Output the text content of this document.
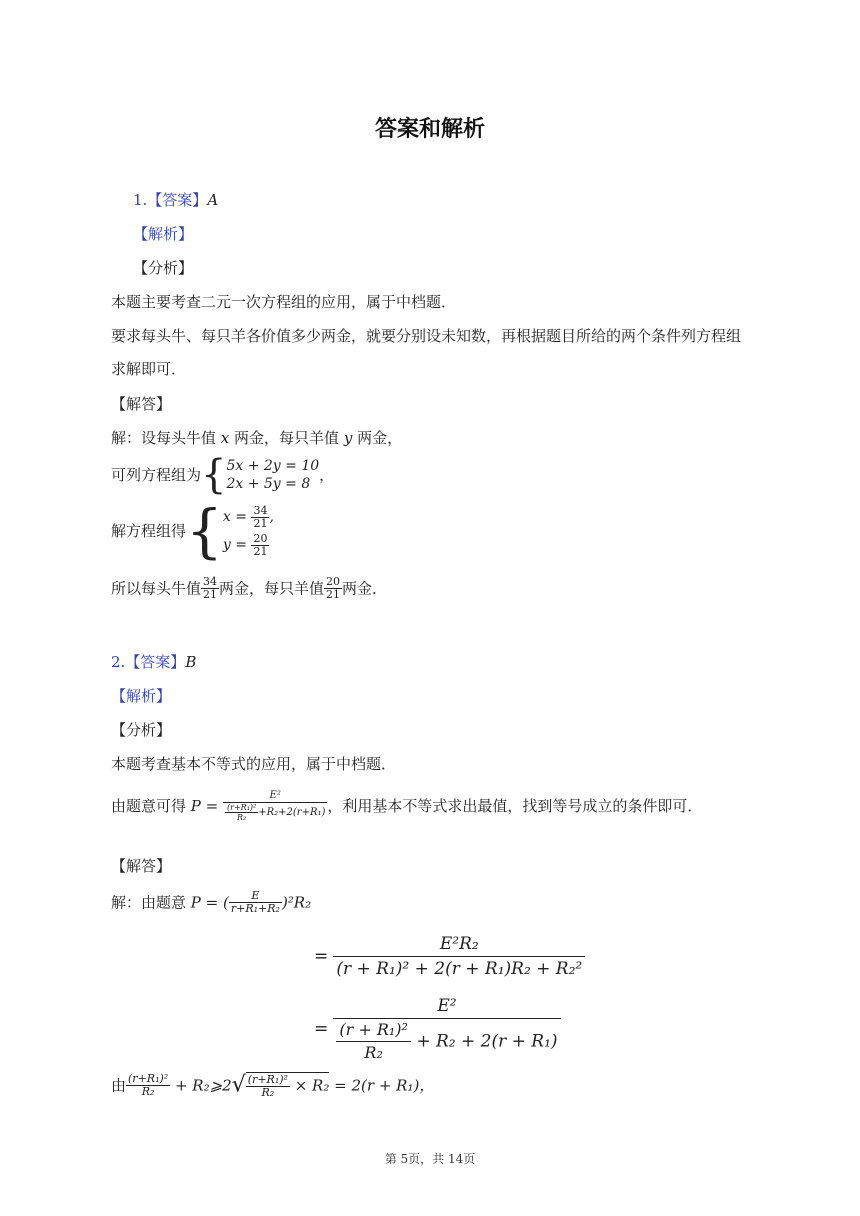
答案和解析
1.【答案】A
【解析】
【分析】
本题主要考查二元一次方程组的应用，属于中档题．
要求每头牛、每只羊各价值多少两金，就要分别设未知数，再根据题目所给的两个条件列方程组
求解即可．
【解答】
解：设每头牛值 x 两金，每只羊值 y 两金，
可列方程组为{ 5x + 2y = 10
2x + 5y = 8 ，
解方程组得{ $x = \frac{34}{21}$ ,
$y = \frac{20}{21}$
所以每头牛值 $\frac{34}{21}$ 两金，每只羊值 $\frac{20}{21}$ 两金．
2.【答案】B
【解析】
【分析】
本题考查基本不等式的应用，属于中档题．
由题意可得 $P = \frac{\text{E²}}{\frac{\text{(r+R₁)²}}{\text{R₂}} +R_2+2(r+R_1)}$ ，利用基本不等式求出最值，找到等号成立的条件即可．
【解答】
解：由题意 P = ( $\frac{E}{\text{r+R₁+R₂}} )^2R_2$
= $\frac{\text{E²R₂}}{\text{(r + R₁)² + 2(r + R₁)R₂ + R₂²}}$
= $\frac{\text{E²}}{\frac{\text{(r + R₁)²}}{\text{R₂}} + R_2 + 2(r + R_1)}$
由 $\frac{\text{(r+R₁)²}}{\text{R₂}}$ + R₂⩾2√ $\frac{\text{(r+R₁)²}}{\text{R₂}} \times R_2 = 2(r + R_1)$，
第 5页，共 14页
